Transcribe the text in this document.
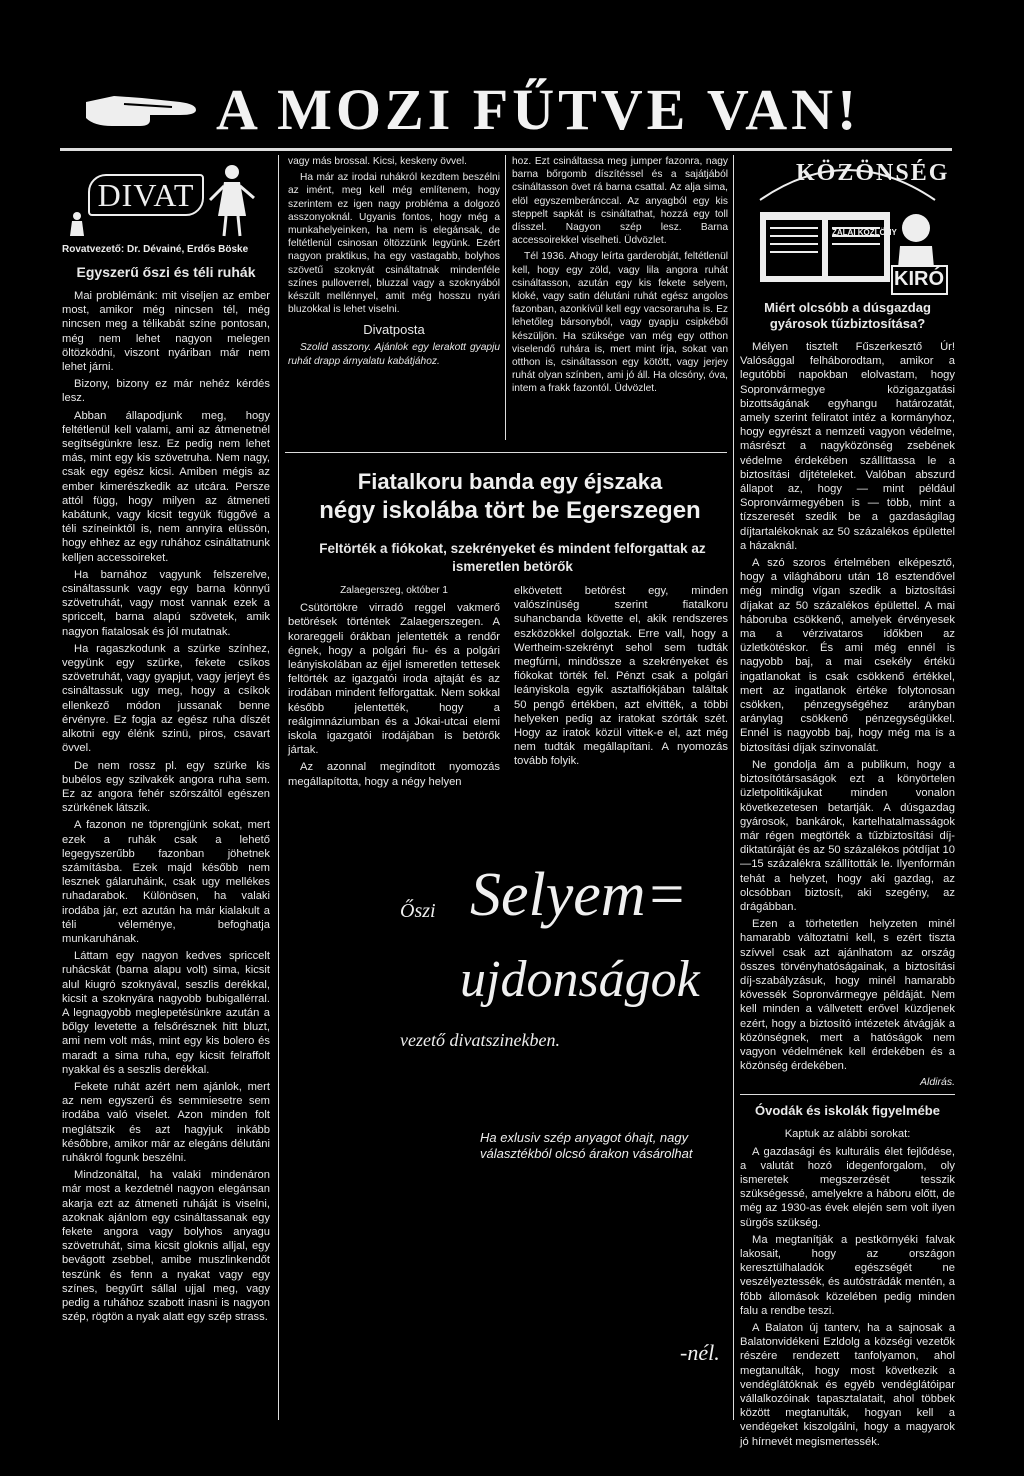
A MOZI FŰTVE VAN!
DIVAT
Rovatvezető: Dr. Dévainé, Erdős Böske
Egyszerű őszi és téli ruhák

Mai problémánk: mit viseljen az ember most, amikor még nincsen tél, még nincsen meg a télikabát színe pontosan, még nem lehet nagyon melegen öltözködni, viszont nyáriban már nem lehet járni.

Bizony, bizony ez már nehéz kérdés lesz.

Abban állapodjunk meg, hogy feltétlenül kell valami, ami az átmenetnél segítségünkre lesz. Ez pedig nem lehet más, mint egy kis szövetruha. Nem nagy, csak egy egész kicsi. Amiben mégis az ember kimerészkedik az utcára. Persze attól függ, hogy milyen az átmeneti kabátunk, vagy kicsit tegyük függővé a téli színeinktől is, nem annyira elüssön, hogy ehhez az egy ruhához csináltatnunk kelljen accessoireket.

Ha barnához vagyunk felszerelve, csináltassunk vagy egy barna könnyű szövetruhát, vagy most vannak ezek a spriccelt, barna alapú szövetek, amik nagyon fiatalosak és jól mutatnak.

Ha ragaszkodunk a szürke színhez, vegyünk egy szürke, fekete csíkos szövetruhát, vagy gyapjut, vagy jerjeyt és csináltassuk ugy meg, hogy a csíkok ellenkező módon jussanak benne érvényre. Ez fogja az egész ruha díszét alkotni egy élénk szinü, piros, csavart övvel.

De nem rossz pl. egy szürke kis bubélos egy szilvakék angora ruha sem. Ez az angora fehér szőrszáltól egészen szürkének látszik.

A fazonon ne töprengjünk sokat, mert ezek a ruhák csak a lehető legegyszerűbb fazonban jöhetnek számításba. Ezek majd később nem lesznek gálaruháink, csak ugy mellékes ruhadarabok. Különösen, ha valaki irodába jár, ezt azután ha már kialakult a téli véleménye, befoghatja munkaruhának.

Láttam egy nagyon kedves spriccelt ruhácskát (barna alapu volt) sima, kicsit alul kiugró szoknyával, seszlis derékkal, kicsit a szoknyára nagyobb bubigallérral. A legnagyobb meglepetésünkre azután a bőlgy levetette a felsőrésznek hitt bluzt, ami nem volt más, mint egy kis bolero és maradt a sima ruha, egy kicsit felraffolt nyakkal és a seszlis derékkal.

Fekete ruhát azért nem ajánlok, mert az nem egyszerű és semmiesetre sem irodába való viselet. Azon minden folt meglátszik és azt hagyjuk inkább későbbre, amikor már az elegáns délutáni ruhákról fogunk beszélni.

Mindzonáltal, ha valaki mindenáron már most a kezdetnél nagyon elegánsan akarja ezt az átmeneti ruháját is viselni, azoknak ajánlom egy csináltassanak egy fekete angora vagy bolyhos anyagu szövetruhát, sima kicsit gloknis alljal, egy bevágott zsebbel, amibe muszlinkendőt teszünk és fenn a nyakat vagy egy színes, begyűrt sállal ujjal meg, vagy pedig a ruhához szabott inasni is nagyon szép, rögtön a nyak alatt egy szép strass.

vagy más brossal. Kicsi, keskeny övvel.

Ha már az irodai ruhákról kezdtem beszélni az imént, meg kell még említenem, hogy szerintem ez igen nagy probléma a dolgozó asszonyoknál. Ugyanis fontos, hogy még a munkahelyeinken, ha nem is elegánsak, de feltétlenül csinosan öltözzünk legyünk. Ezért nagyon praktikus, ha egy vastagabb, bolyhos szövetű szoknyát csináltatnak mindenféle színes pulloverrel, bluzzal vagy a szoknyából készült mellénnyel, amit még hosszu nyári bluzokkal is lehet viselni.

Divatposta

Szolid asszony. Ajánlok egy lerakott gyapju ruhát drapp árnyalatu kabátjához.

hoz. Ezt csináltassa meg jumper fazonra, nagy barna bőrgomb díszítéssel és a sajátjából csináltasson övet rá barna csattal. Az alja sima, elöl egyszemberánccal. Az anyagból egy kis steppelt sapkát is csináltathat, hozzá egy toll dísszel. Nagyon szép lesz. Barna accessoirekkel viselheti. Üdvözlet.

Tél 1936. Ahogy leírta garderobját, feltétlenül kell, hogy egy zöld, vagy lila angora ruhát csináltasson, azután egy kis fekete selyem, kloké, vagy satin délutáni ruhát egész angolos fazonban, azonkívül kell egy vacsoraruha is. Ez lehetőleg bársonyból, vagy gyapju csipkéből készüljön. Ha szüksége van még egy otthon viselendő ruhára is, mert mint írja, sokat van otthon is, csináltasson egy kötött, vagy jerjey ruhát olyan színben, ami jó áll. Ha olcsóny, óva, intem a frakk fazontól. Üdvözlet.

Fiatalkoru banda egy éjszaka
négy iskolába tört be Egerszegen
Feltörték a fiókokat, szekrényeket és mindent felforgattak az ismeretlen betörők

Zalaegerszeg, október 1

Csütörtökre virradó reggel vakmerő betörések történtek Zalaegerszegen. A korareggeli órákban jelentették a rendőr égnek, hogy a polgári fiu- és a polgári leányiskolában az éjjel ismeretlen tettesek feltörték az igazgatói iroda ajtaját és az irodában mindent felforgattak. Nem sokkal később jelentették, hogy a reálgimnáziumban és a Jókai-utcai elemi iskola igazgatói irodájában is betörők jártak.

Az azonnal megindított nyomozás megállapította, hogy a négy helyen

elkövetett betörést egy, minden valószínüség szerint fiatalkoru suhancbanda követte el, akik rendszeres eszközökkel dolgoztak. Erre vall, hogy a Wertheim-szekrényt sehol sem tudták megfúrni, mindössze a szekrényeket és fiókokat törték fel. Pénzt csak a polgári leányiskola egyik asztalfiókjában találtak 50 pengő értékben, azt elvitték, a többi helyeken pedig az iratokat szórták szét. Hogy az iratok közül vittek-e el, azt még nem tudták megállapítani. A nyomozás tovább folyik.

Őszi Selyem=
ujdonságok
vezető divatszinekben.
Ha exlusiv szép anyagot óhajt, nagy választékból olcsó árakon vásárolhat
-nél.
KÖZÖNSÉG
ZALAI KÖZLÖNY
KIRÓ
Miért olcsóbb a dúsgazdag gyárosok tűzbiztosítása?

Mélyen tisztelt Fűszerkesztő Úr! Valósággal felháborodtam, amikor a legutóbbi napokban elolvastam, hogy Sopronvármegye közigazgatási bizottságának egyhangu határozatát, amely szerint feliratot intéz a kormányhoz, hogy egyrészt a nemzeti vagyon védelme, másrészt a nagyközönség zsebének védelme érdekében szállíttassa le a biztosítási díjtételeket. Valóban abszurd állapot az, hogy — mint például Sopronvármegyében is — több, mint a tízszeresét szedik be a gazdaságilag díjtartalékoknak az 50 százalékos épülettel a házaknál.

A szó szoros értelmében elképesztő, hogy a világháboru után 18 esztendővel még mindig vígan szedik a biztosítási díjakat az 50 százalékos épülettel. A mai háboruba csökkenő, amelyek érvényesek ma a vérzivataros időkben az üzletkötéskor. És ami még ennél is nagyobb baj, a mai csekély értékü ingatlanokat is csak csökkenő értékkel, mert az ingatlanok értéke folytonosan csökken, pénzegységéhez arányban aránylag csökkenő pénzegységükkel. Ennél is nagyobb baj, hogy még ma is a biztosítási díjak szinvonalát.

Ne gondolja ám a publikum, hogy a biztosítótársaságok ezt a könyörtelen üzletpolitikájukat minden vonalon következetesen betartják. A dúsgazdag gyárosok, bankárok, kartelhatalmasságok már régen megtörték a tűzbiztosítási díj-diktatúráját és az 50 százalékos pótdíjat 10—15 százalékra szállították le. Ilyenformán tehát a helyzet, hogy aki gazdag, az olcsóbban biztosít, aki szegény, az drágábban.

Ezen a törhetetlen helyzeten minél hamarabb változtatni kell, s ezért tiszta szívvel csak azt ajánlhatom az ország összes törvényhatóságainak, a biztosítási díj-szabályzásuk, hogy minél hamarabb kövessék Sopronvármegye példáját. Nem kell minden a vállvetett erővel küzdjenek ezért, hogy a biztosító intézetek átvágják a közönségnek, mert a hatóságok nem vagyon védelmének kell érdekében és a közönség érdekében.

Aldirás.
Óvodák és iskolák figyelmébe

Kaptuk az alábbi sorokat:

A gazdasági és kulturális élet fejlődése, a valutát hozó idegenforgalom, oly ismeretek megszerzését tesszik szükségessé, amelyekre a háboru előtt, de még az 1930-as évek elején sem volt ilyen sürgős szükség.

Ma megtanítják a pestkörnyéki falvak lakosait, hogy az országon keresztülhaladók egészségét ne veszélyeztessék, és autóstrádák mentén, a főbb állomások közelében pedig minden falu a rendbe teszi.

A Balaton új tanterv, ha a sajnosak a Balatonvidékeni Ezldolg a községi vezetők részére rendezett tanfolyamon, ahol megtanulták, hogy most következik a vendéglátóknak és egyéb vendéglátóipar vállalkozóinak tapasztalatait, ahol többek között megtanulták, hogyan kell a vendégeket kiszolgálni, hogy a magyarok jó hírnevét megismertessék.
